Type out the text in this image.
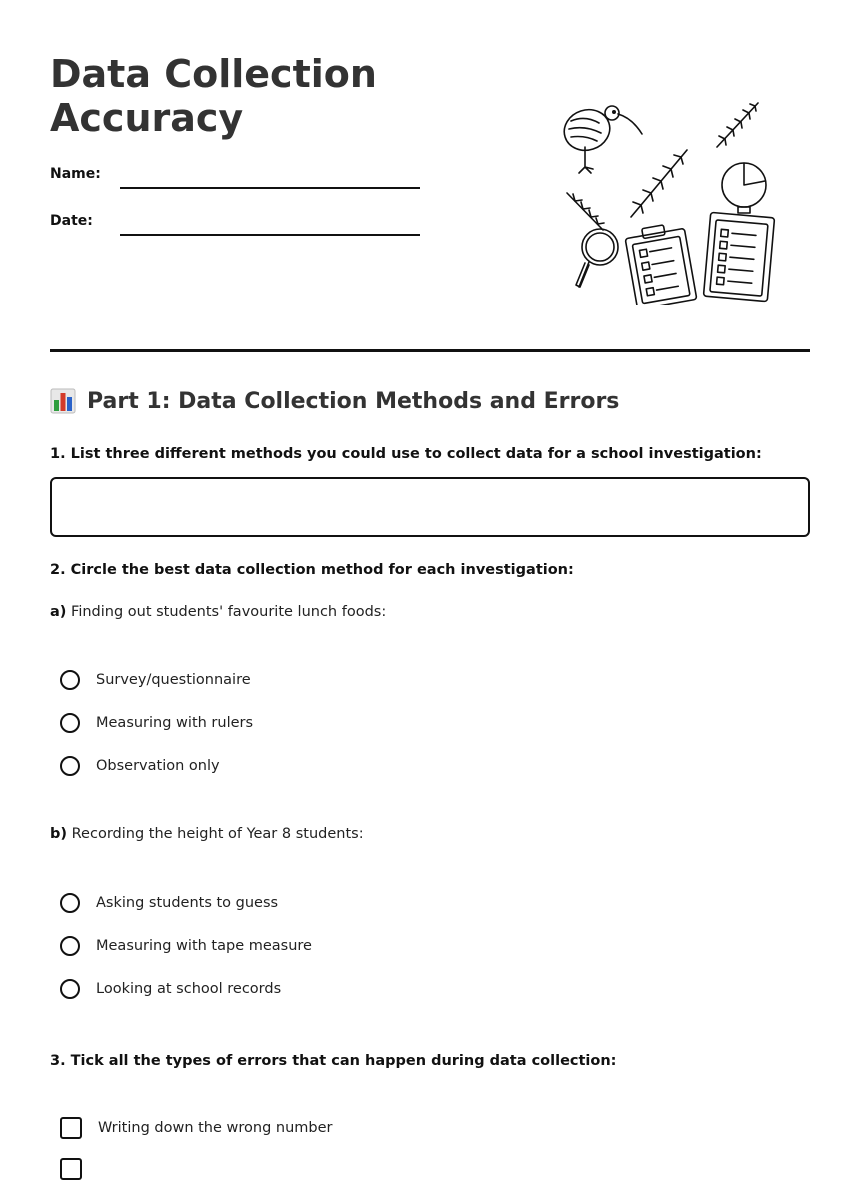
Data Collection
Accuracy
Name:
Date:
Part 1: Data Collection Methods and Errors
1. List three different methods you could use to collect data for a school investigation:
2. Circle the best data collection method for each investigation:
a) Finding out students' favourite lunch foods:
Survey/questionnaire
Measuring with rulers
Observation only
b) Recording the height of Year 8 students:
Asking students to guess
Measuring with tape measure
Looking at school records
3. Tick all the types of errors that can happen during data collection:
Writing down the wrong number
